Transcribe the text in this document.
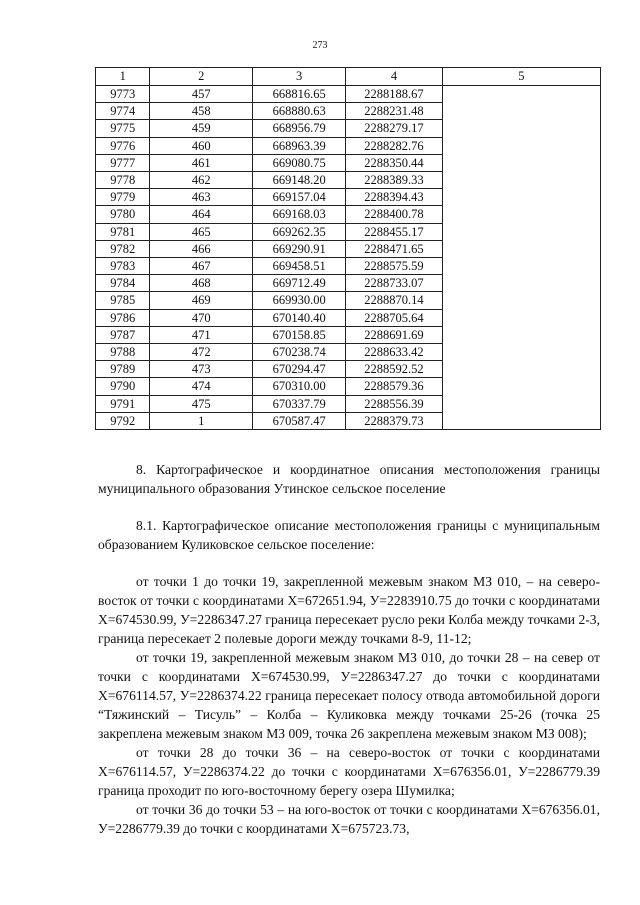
273
1	2	3	4	5
9773	457	668816.65	2288188.67	
9774	458	668880.63	2288231.48	
9775	459	668956.79	2288279.17	
9776	460	668963.39	2288282.76	
9777	461	669080.75	2288350.44	
9778	462	669148.20	2288389.33	
9779	463	669157.04	2288394.43	
9780	464	669168.03	2288400.78	
9781	465	669262.35	2288455.17	
9782	466	669290.91	2288471.65	
9783	467	669458.51	2288575.59	
9784	468	669712.49	2288733.07	
9785	469	669930.00	2288870.14	
9786	470	670140.40	2288705.64	
9787	471	670158.85	2288691.69	
9788	472	670238.74	2288633.42	
9789	473	670294.47	2288592.52	
9790	474	670310.00	2288579.36	
9791	475	670337.79	2288556.39	
9792	1	670587.47	2288379.73	

8. Картографическое и координатное описания местоположения границы муниципального образования Утинское сельское поселение

8.1. Картографическое описание местоположения границы с муниципальным образованием Куликовское сельское поселение:

от точки 1 до точки 19, закрепленной межевым знаком МЗ 010, – на северо-восток от точки с координатами X=672651.94, У=2283910.75 до точки с координатами X=674530.99, У=2286347.27 граница пересекает русло реки Колба между точками 2-3, граница пересекает 2 полевые дороги между точками 8-9, 11-12;

от точки 19, закрепленной межевым знаком МЗ 010, до точки 28 – на север от точки с координатами X=674530.99, У=2286347.27 до точки с координатами X=676114.57, У=2286374.22 граница пересекает полосу отвода автомобильной дороги “Тяжинский – Тисуль” – Колба – Куликовка между точками 25-26 (точка 25 закреплена межевым знаком МЗ 009, точка 26 закреплена межевым знаком МЗ 008);

от точки 28 до точки 36 – на северо-восток от точки с координатами X=676114.57, У=2286374.22 до точки с координатами X=676356.01, У=2286779.39 граница проходит по юго-восточному берегу озера Шумилка;

от точки 36 до точки 53 – на юго-восток от точки с координатами X=676356.01, У=2286779.39 до точки с координатами X=675723.73,
